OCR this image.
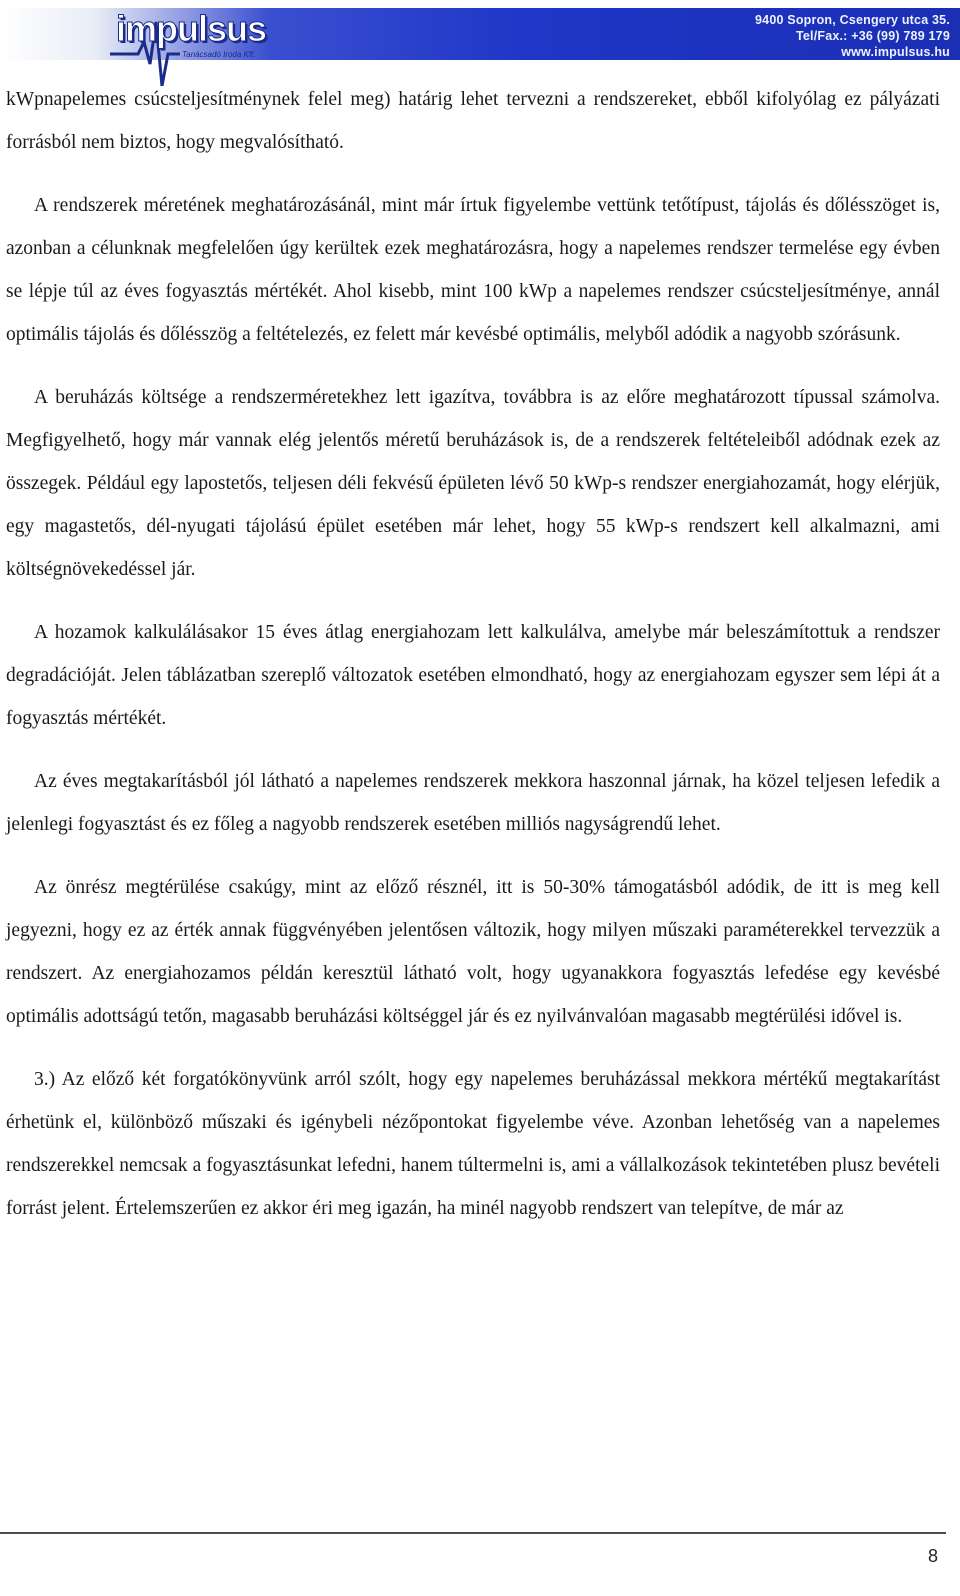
impulsus
Tanácsadó Iroda Kft.
9400 Sopron, Csengery utca 35.
Tel/Fax.: +36 (99) 789 179
www.impulsus.hu

kWpnapelemes csúcsteljesítménynek felel meg) határig lehet tervezni a rendszereket, ebből kifolyólag ez pályázati forrásból nem biztos, hogy megvalósítható.

A rendszerek méretének meghatározásánál, mint már írtuk figyelembe vettünk tetőtípust, tájolás és dőlésszöget is, azonban a célunknak megfelelően úgy kerültek ezek meghatározásra, hogy a napelemes rendszer termelése egy évben se lépje túl az éves fogyasztás mértékét. Ahol kisebb, mint 100 kWp a napelemes rendszer csúcsteljesítménye, annál optimális tájolás és dőlésszög a feltételezés, ez felett már kevésbé optimális, melyből adódik a nagyobb szórásunk.

A beruházás költsége a rendszerméretekhez lett igazítva, továbbra is az előre meghatározott típussal számolva. Megfigyelhető, hogy már vannak elég jelentős méretű beruházások is, de a rendszerek feltételeiből adódnak ezek az összegek. Például egy lapostetős, teljesen déli fekvésű épületen lévő 50 kWp-s rendszer energiahozamát, hogy elérjük, egy magastetős, dél-nyugati tájolású épület esetében már lehet, hogy 55 kWp-s rendszert kell alkalmazni, ami költségnövekedéssel jár.

A hozamok kalkulálásakor 15 éves átlag energiahozam lett kalkulálva, amelybe már beleszámítottuk a rendszer degradációját. Jelen táblázatban szereplő változatok esetében elmondható, hogy az energiahozam egyszer sem lépi át a fogyasztás mértékét.

Az éves megtakarításból jól látható a napelemes rendszerek mekkora haszonnal járnak, ha közel teljesen lefedik a jelenlegi fogyasztást és ez főleg a nagyobb rendszerek esetében milliós nagyságrendű lehet.

Az önrész megtérülése csakúgy, mint az előző résznél, itt is 50-30% támogatásból adódik, de itt is meg kell jegyezni, hogy ez az érték annak függvényében jelentősen változik, hogy milyen műszaki paraméterekkel tervezzük a rendszert. Az energiahozamos példán keresztül látható volt, hogy ugyanakkora fogyasztás lefedése egy kevésbé optimális adottságú tetőn, magasabb beruházási költséggel jár és ez nyilvánvalóan magasabb megtérülési idővel is.

3.) Az előző két forgatókönyvünk arról szólt, hogy egy napelemes beruházással mekkora mértékű megtakarítást érhetünk el, különböző műszaki és igénybeli nézőpontokat figyelembe véve. Azonban lehetőség van a napelemes rendszerekkel nemcsak a fogyasztásunkat lefedni, hanem túltermelni is, ami a vállalkozások tekintetében plusz bevételi forrást jelent. Értelemszerűen ez akkor éri meg igazán, ha minél nagyobb rendszert van telepítve, de már az

8
